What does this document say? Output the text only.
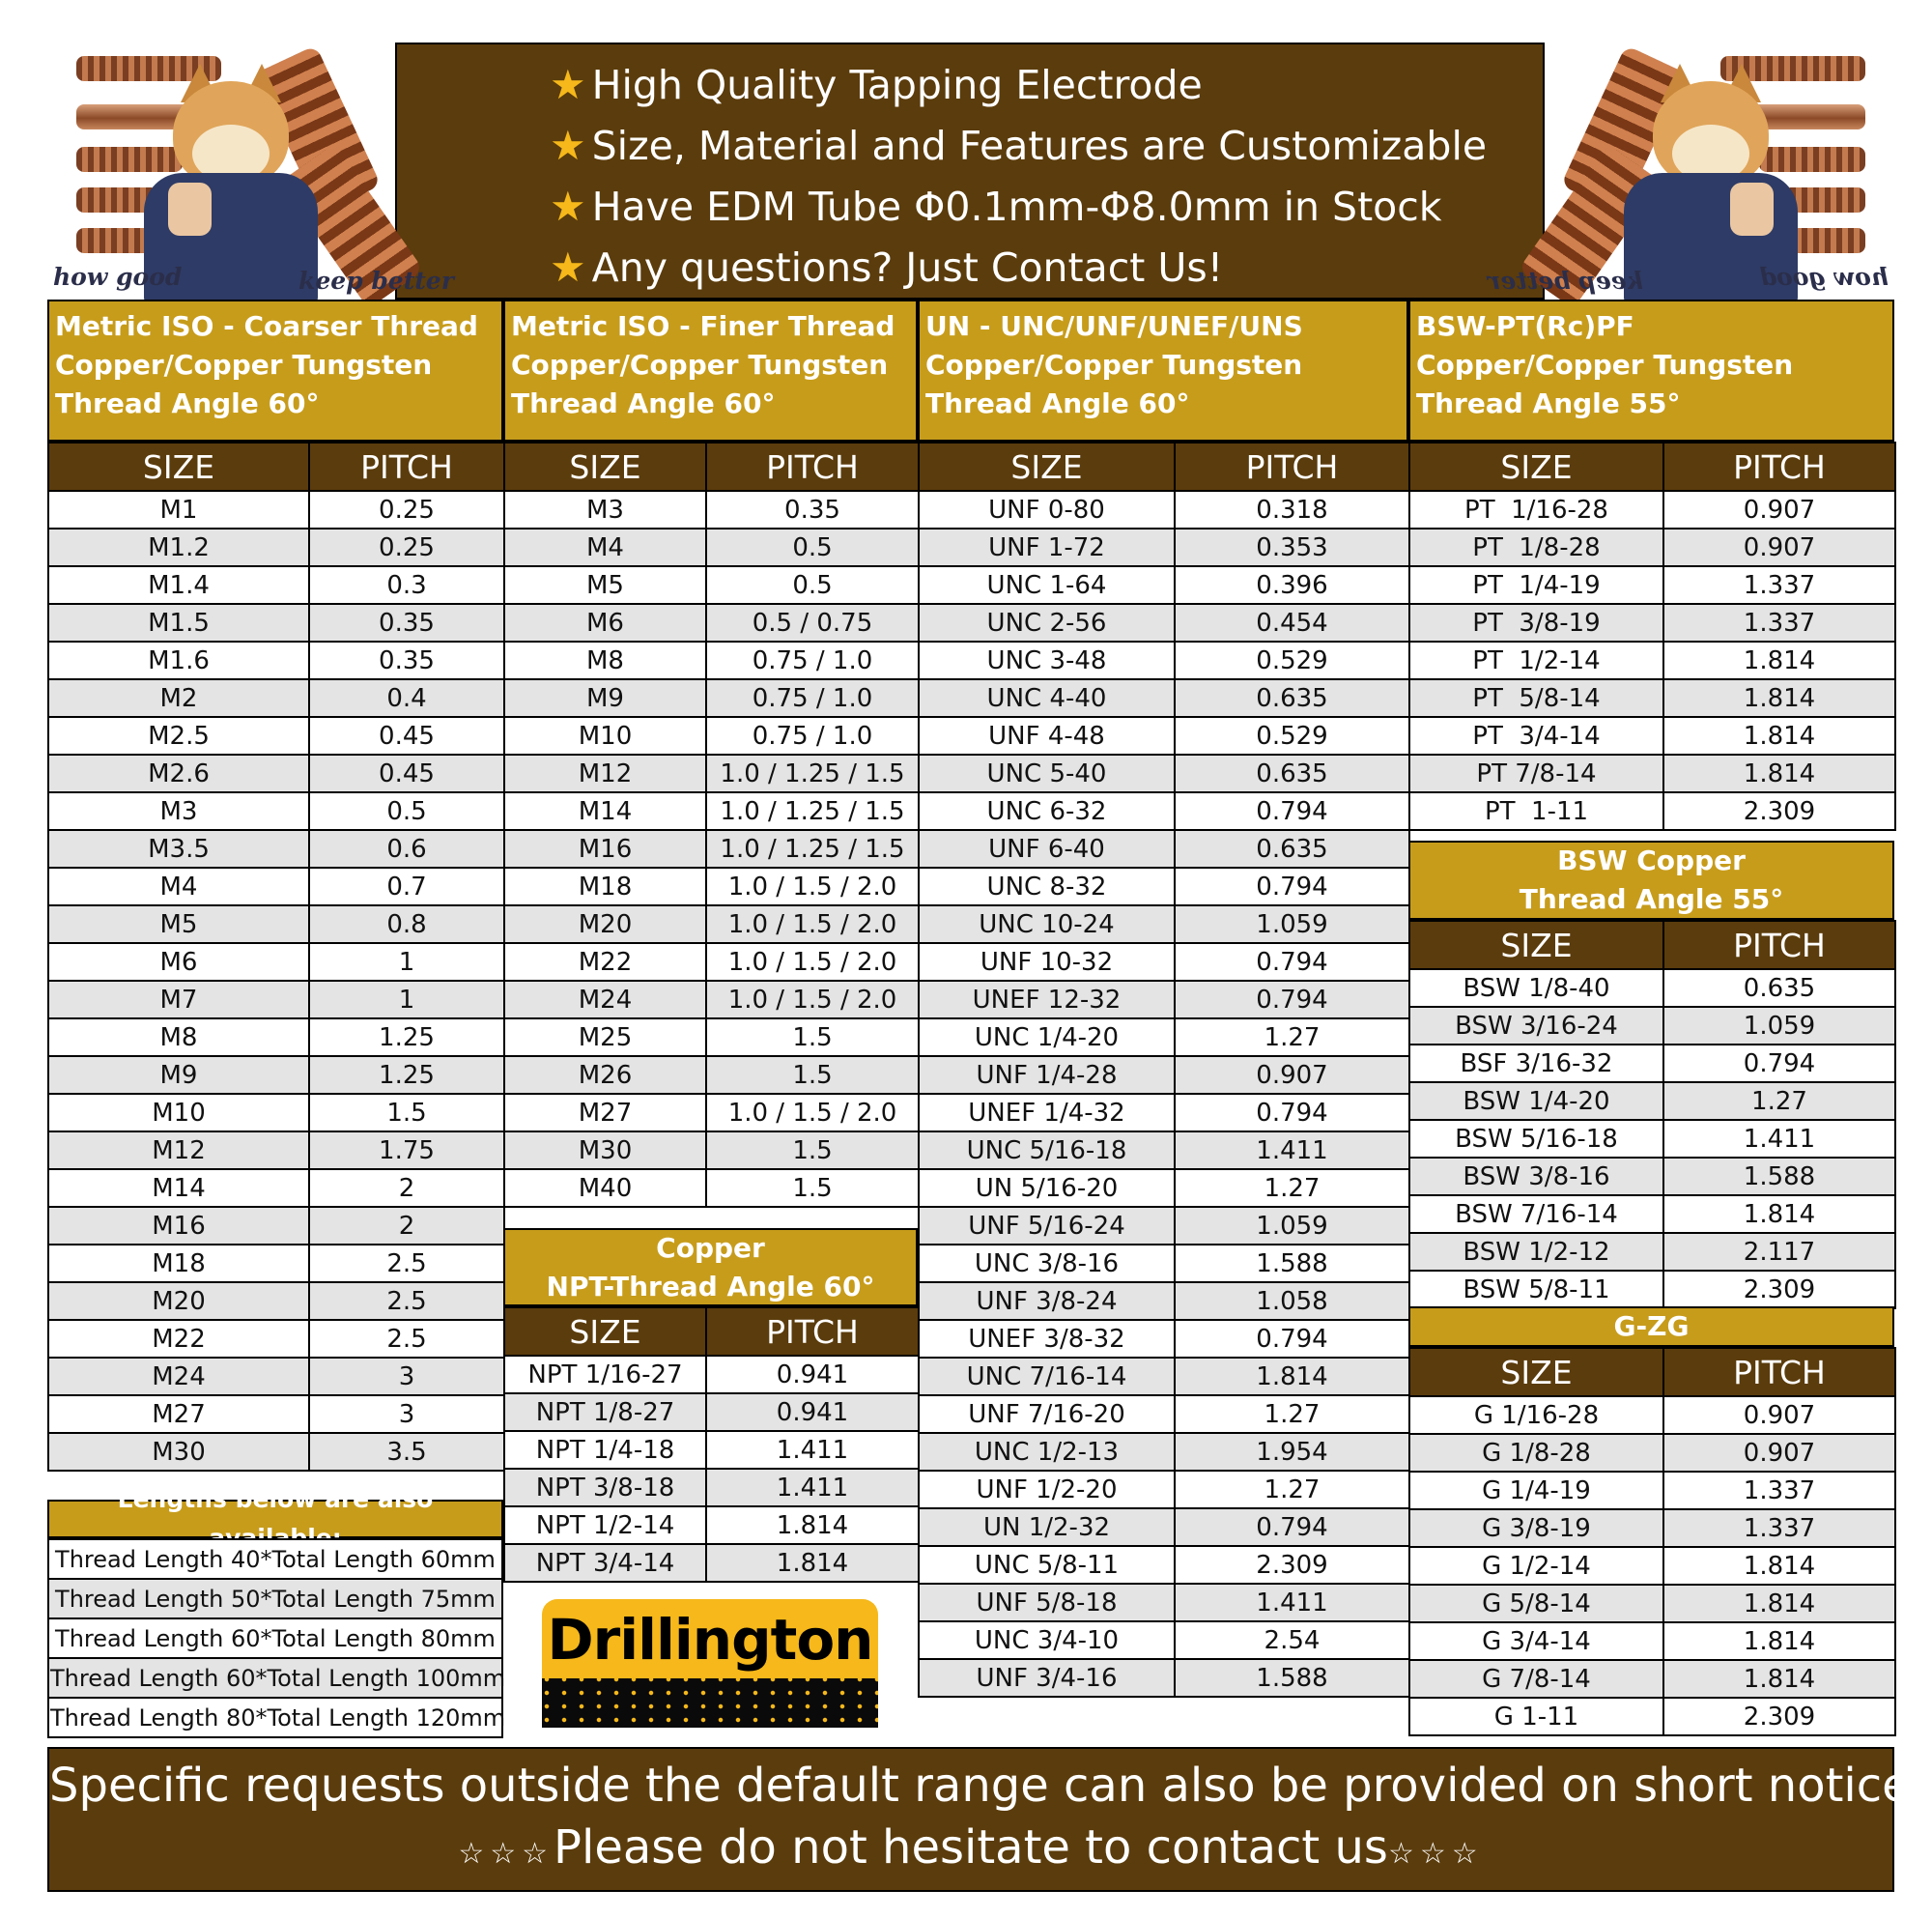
★ High Quality Tapping Electrode
★ Size, Material and Features are Customizable
★ Have EDM Tube Φ0.1mm-Φ8.0mm in Stock
★ Any questions? Just Contact Us!
how good	keep better	how good
keep better
Metric ISO - Coarser Thread
Copper/Copper Tungsten
Thread Angle 60°
Metric ISO - Finer Thread
Copper/Copper Tungsten
Thread Angle 60°
UN - UNC/UNF/UNEF/UNS
Copper/Copper Tungsten
Thread Angle 60°
BSW-PT(Rc)PF
Copper/Copper Tungsten
Thread Angle 55°
SIZE	PITCH
M1	0.25
M1.2	0.25
M1.4	0.3
M1.5	0.35
M1.6	0.35
M2	0.4
M2.5	0.45
M2.6	0.45
M3	0.5
M3.5	0.6
M4	0.7
M5	0.8
M6	1
M7	1
M8	1.25
M9	1.25
M10	1.5
M12	1.75
M14	2
M16	2
M18	2.5
M20	2.5
M22	2.5
M24	3
M27	3
M30	3.5
Lengths below are also available:
Thread Length 40*Total Length 60mm
Thread Length 50*Total Length 75mm
Thread Length 60*Total Length 80mm
Thread Length 60*Total Length 100mm
Thread Length 80*Total Length 120mm
SIZE	PITCH
M3	0.35
M4	0.5
M5	0.5
M6	0.5 / 0.75
M8	0.75 / 1.0
M9	0.75 / 1.0
M10	0.75 / 1.0
M12	1.0 / 1.25 / 1.5
M14	1.0 / 1.25 / 1.5
M16	1.0 / 1.25 / 1.5
M18	1.0 / 1.5 / 2.0
M20	1.0 / 1.5 / 2.0
M22	1.0 / 1.5 / 2.0
M24	1.0 / 1.5 / 2.0
M25	1.5
M26	1.5
M27	1.0 / 1.5 / 2.0
M30	1.5
M40	1.5
Copper
NPT-Thread Angle 60°
SIZE	PITCH
NPT 1/16-27	0.941
NPT 1/8-27	0.941
NPT 1/4-18	1.411
NPT 3/8-18	1.411
NPT 1/2-14	1.814
NPT 3/4-14	1.814
Drillington
SIZE	PITCH
UNF 0-80	0.318
UNF 1-72	0.353
UNC 1-64	0.396
UNC 2-56	0.454
UNC 3-48	0.529
UNC 4-40	0.635
UNF 4-48	0.529
UNC 5-40	0.635
UNC 6-32	0.794
UNF 6-40	0.635
UNC 8-32	0.794
UNC 10-24	1.059
UNF 10-32	0.794
UNEF 12-32	0.794
UNC 1/4-20	1.27
UNF 1/4-28	0.907
UNEF 1/4-32	0.794
UNC 5/16-18	1.411
UN 5/16-20	1.27
UNF 5/16-24	1.059
UNC 3/8-16	1.588
UNF 3/8-24	1.058
UNEF 3/8-32	0.794
UNC 7/16-14	1.814
UNF 7/16-20	1.27
UNC 1/2-13	1.954
UNF 1/2-20	1.27
UN 1/2-32	0.794
UNC 5/8-11	2.309
UNF 5/8-18	1.411
UNC 3/4-10	2.54
UNF 3/4-16	1.588
SIZE	PITCH
PT  1/16-28	0.907
PT  1/8-28	0.907
PT  1/4-19	1.337
PT  3/8-19	1.337
PT  1/2-14	1.814
PT  5/8-14	1.814
PT  3/4-14	1.814
PT 7/8-14	1.814
PT  1-11	2.309
BSW Copper
Thread Angle 55°
SIZE	PITCH
BSW 1/8-40	0.635
BSW 3/16-24	1.059
BSF 3/16-32	0.794
BSW 1/4-20	1.27
BSW 5/16-18	1.411
BSW 3/8-16	1.588
BSW 7/16-14	1.814
BSW 1/2-12	2.117
BSW 5/8-11	2.309
G-ZG
SIZE	PITCH
G 1/16-28	0.907
G 1/8-28	0.907
G 1/4-19	1.337
G 3/8-19	1.337
G 1/2-14	1.814
G 5/8-14	1.814
G 3/4-14	1.814
G 7/8-14	1.814
G 1-11	2.309
Specific requests outside the default range can also be provided on short notice.
☆☆☆Please do not hesitate to contact us☆☆☆
